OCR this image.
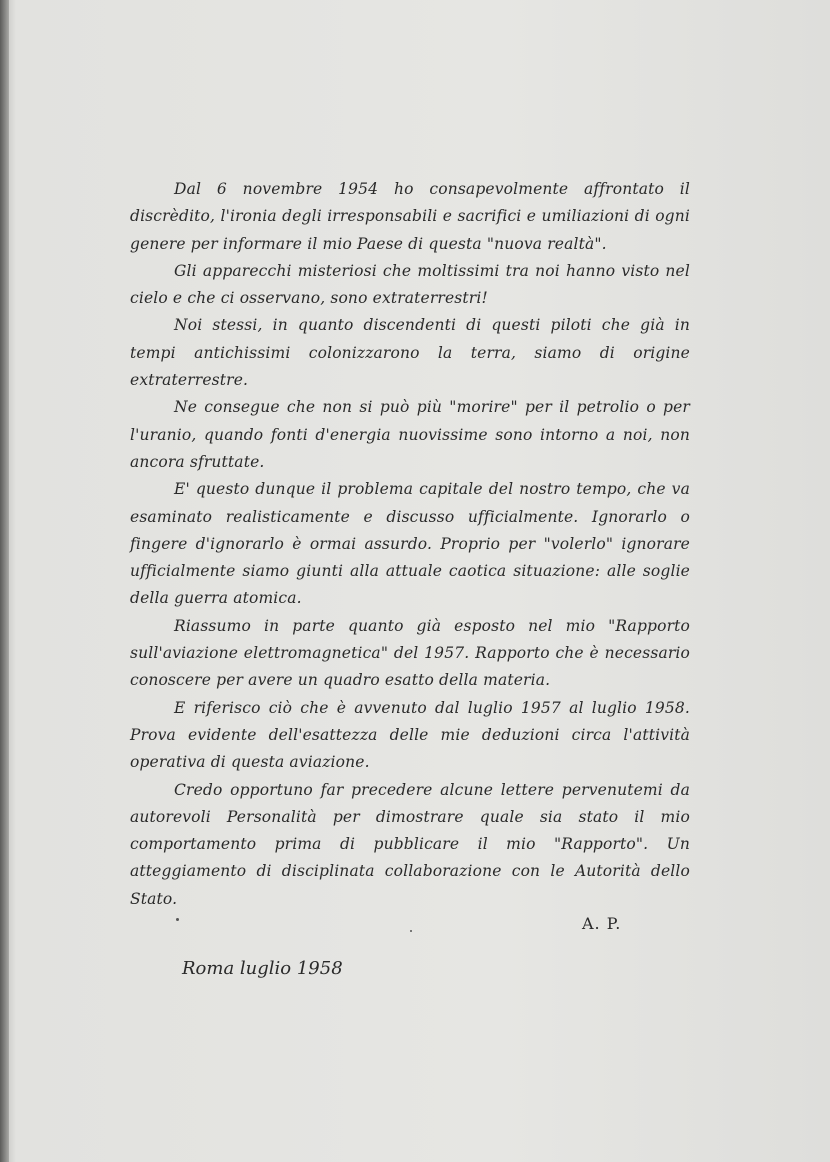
Dal 6 novembre 1954 ho consapevolmente affrontato il discrèdito, l'ironia degli irresponsabili e sacrifici e umiliazioni di ogni genere per informare il mio Paese di questa "nuova realtà".

Gli apparecchi misteriosi che moltissimi tra noi hanno visto nel cielo e che ci osservano, sono extraterrestri!

Noi stessi, in quanto discendenti di questi piloti che già in tempi antichissimi colonizzarono la terra, siamo di origine extraterrestre.

Ne consegue che non si può più "morire" per il petrolio o per l'uranio, quando fonti d'energia nuovissime sono intorno a noi, non ancora sfruttate.

E' questo dunque il problema capitale del nostro tempo, che va esaminato realisticamente e discusso ufficialmente. Ignorarlo o fingere d'ignorarlo è ormai assurdo. Proprio per "volerlo" ignorare ufficialmente siamo giunti alla attuale caotica situazione: alle soglie della guerra atomica.

Riassumo in parte quanto già esposto nel mio "Rapporto sull'aviazione elettromagnetica" del 1957. Rapporto che è necessario conoscere per avere un quadro esatto della materia.

E riferisco ciò che è avvenuto dal luglio 1957 al luglio 1958. Prova evidente dell'esattezza delle mie deduzioni circa l'attività operativa di questa aviazione.

Credo opportuno far precedere alcune lettere pervenutemi da autorevoli Personalità per dimostrare quale sia stato il mio comportamento prima di pubblicare il mio "Rapporto". Un atteggiamento di disciplinata collaborazione con le Autorità dello Stato.

A. P.
Roma luglio 1958
